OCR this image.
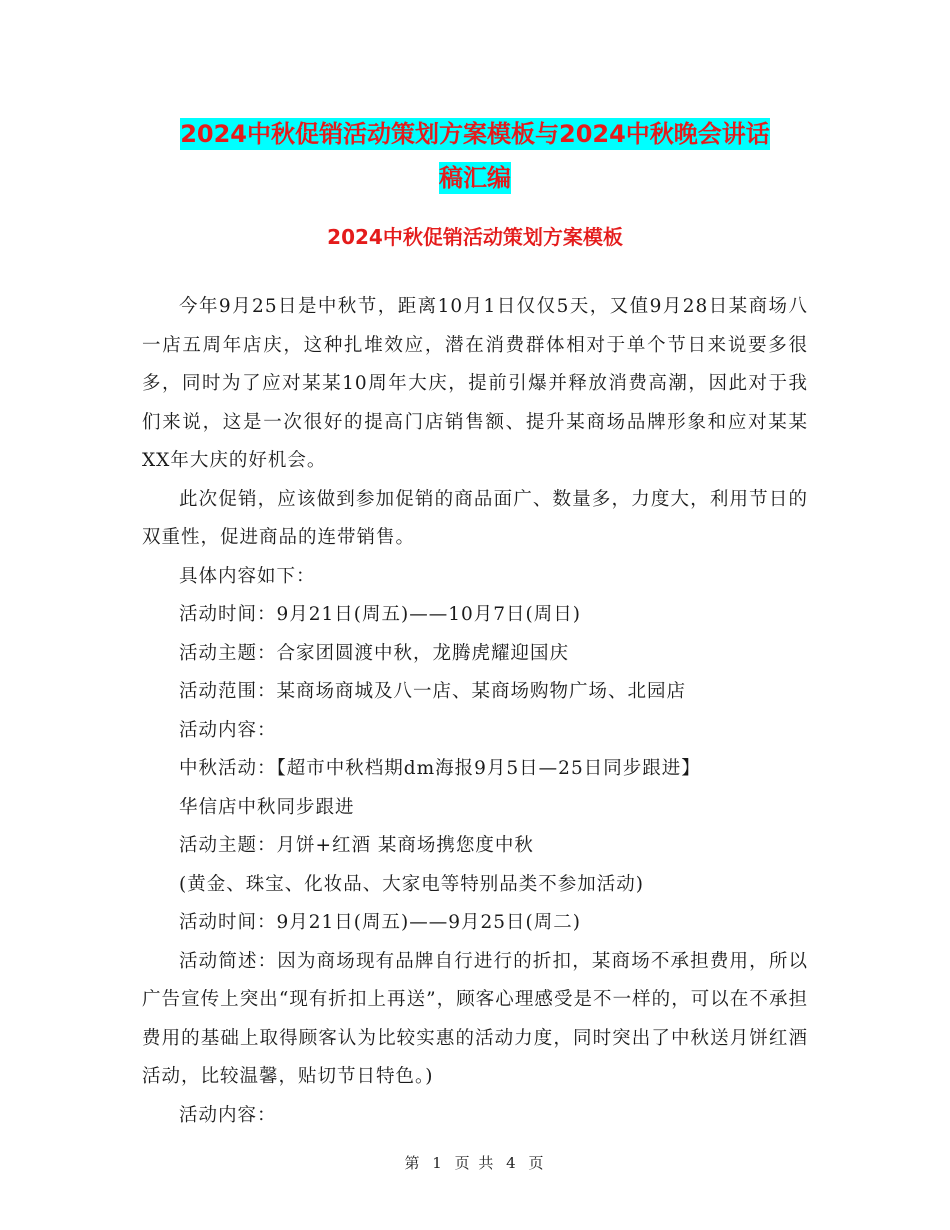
2024中秋促销活动策划方案模板与2024中秋晚会讲话
稿汇编
2024中秋促销活动策划方案模板

今年9月25日是中秋节，距离10月1日仅仅5天，又值9月28日某商场八一店五周年店庆，这种扎堆效应，潜在消费群体相对于单个节日来说要多很多，同时为了应对某某10周年大庆，提前引爆并释放消费高潮，因此对于我们来说，这是一次很好的提高门店销售额、提升某商场品牌形象和应对某某XX年大庆的好机会。

此次促销，应该做到参加促销的商品面广、数量多，力度大，利用节日的双重性，促进商品的连带销售。

具体内容如下：

活动时间：9月21日(周五)——10月7日(周日)

活动主题：合家团圆渡中秋，龙腾虎耀迎国庆

活动范围：某商场商城及八一店、某商场购物广场、北园店

活动内容：

中秋活动：【超市中秋档期dm海报9月5日—25日同步跟进】

华信店中秋同步跟进

活动主题：月饼+红酒 某商场携您度中秋

(黄金、珠宝、化妆品、大家电等特别品类不参加活动)

活动时间：9月21日(周五)——9月25日(周二)

活动简述：因为商场现有品牌自行进行的折扣，某商场不承担费用，所以广告宣传上突出“现有折扣上再送”，顾客心理感受是不一样的，可以在不承担费用的基础上取得顾客认为比较实惠的活动力度，同时突出了中秋送月饼红酒活动，比较温馨，贴切节日特色。)

活动内容：

第 1 页 共 4 页
